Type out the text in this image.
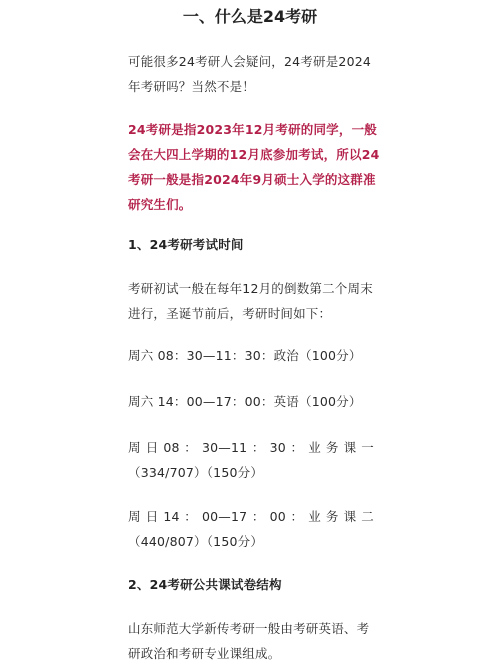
一、什么是24考研

可能很多24考研人会疑问，24考研是2024

年考研吗？当然不是！

24考研是指2023年12月考研的同学，一般

会在大四上学期的12月底参加考试，所以24

考研一般是指2024年9月硕士入学的这群准

研究生们。

1、24考研考试时间

考研初试一般在每年12月的倒数第二个周末

进行，圣诞节前后，考研时间如下：

周六 08：30—11：30：政治（100分）

周六 14：00—17：00：英语（100分）

周 日 08 ： 30—11 ： 30 ： 业 务 课 一

（334/707）（150分）

周 日 14 ： 00—17 ： 00 ： 业 务 课 二

（440/807）（150分）

2、24考研公共课试卷结构

山东师范大学新传考研一般由考研英语、考

研政治和考研专业课组成。
